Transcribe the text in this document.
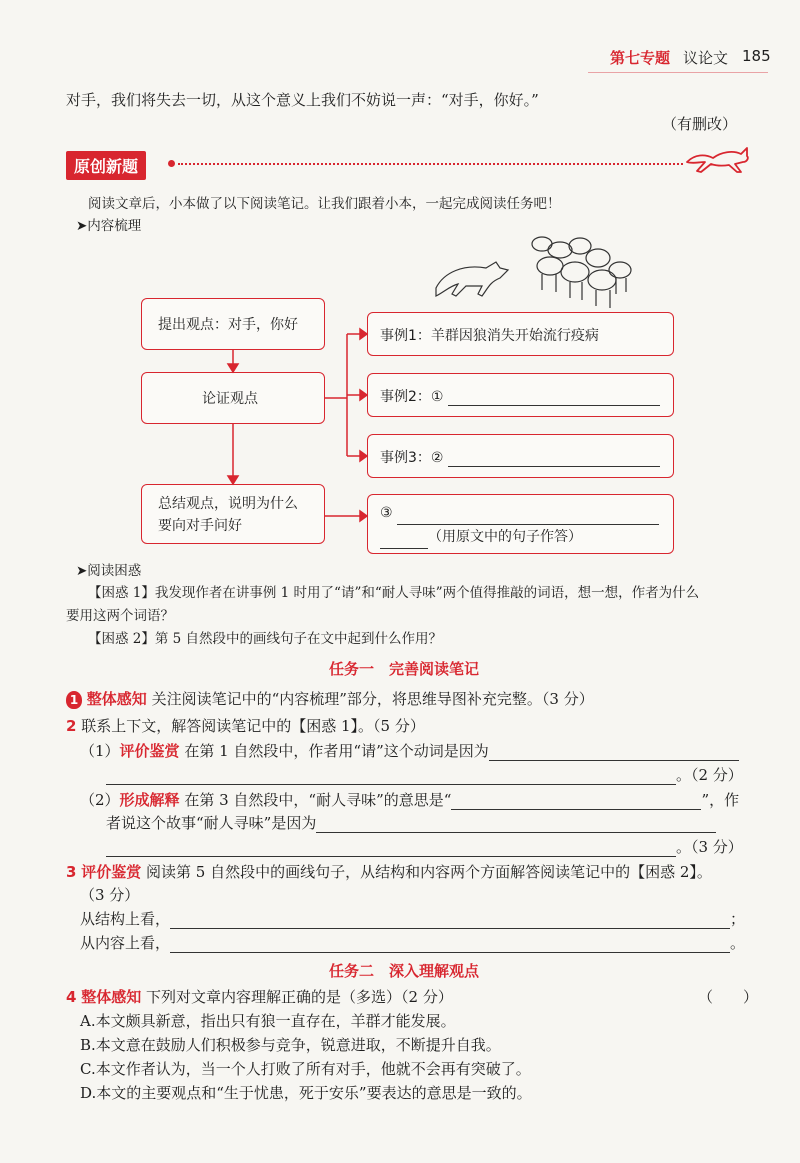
第七专题 议论文 185
对手，我们将失去一切，从这个意义上我们不妨说一声：“对手，你好。”
（有删改）
原创新题
阅读文章后，小本做了以下阅读笔记。让我们跟着小本，一起完成阅读任务吧！
➤内容梳理
提出观点：对手，你好
论证观点
总结观点，说明为什么
要向对手问好
事例1：羊群因狼消失开始流行疫病
事例2：①
事例3：②
③
（用原文中的句子作答）
➤阅读困惑
【困惑 1】我发现作者在讲事例 1 时用了“请”和“耐人寻味”两个值得推敲的词语，想一想，作者为什么
要用这两个词语？
【困惑 2】第 5 自然段中的画线句子在文中起到什么作用？
任务一　完善阅读笔记
1 整体感知 关注阅读笔记中的“内容梳理”部分，将思维导图补充完整。（3 分）
2 联系上下文，解答阅读笔记中的【困惑 1】。（5 分）
（1）评价鉴赏 在第 1 自然段中，作者用“请”这个动词是因为
。（2 分）
（2）形成解释 在第 3 自然段中，“耐人寻味”的意思是“	”，作
者说这个故事“耐人寻味”是因为
。（3 分）
3 评价鉴赏 阅读第 5 自然段中的画线句子，从结构和内容两个方面解答阅读笔记中的【困惑 2】。
（3 分）
从结构上看，	；
从内容上看，	。
任务二　深入理解观点
4 整体感知 下列对文章内容理解正确的是（多选）（2 分）	（　　）
A.本文颇具新意，指出只有狼一直存在，羊群才能发展。
B.本文意在鼓励人们积极参与竞争，锐意进取，不断提升自我。
C.本文作者认为，当一个人打败了所有对手，他就不会再有突破了。
D.本文的主要观点和“生于忧患，死于安乐”要表达的意思是一致的。
